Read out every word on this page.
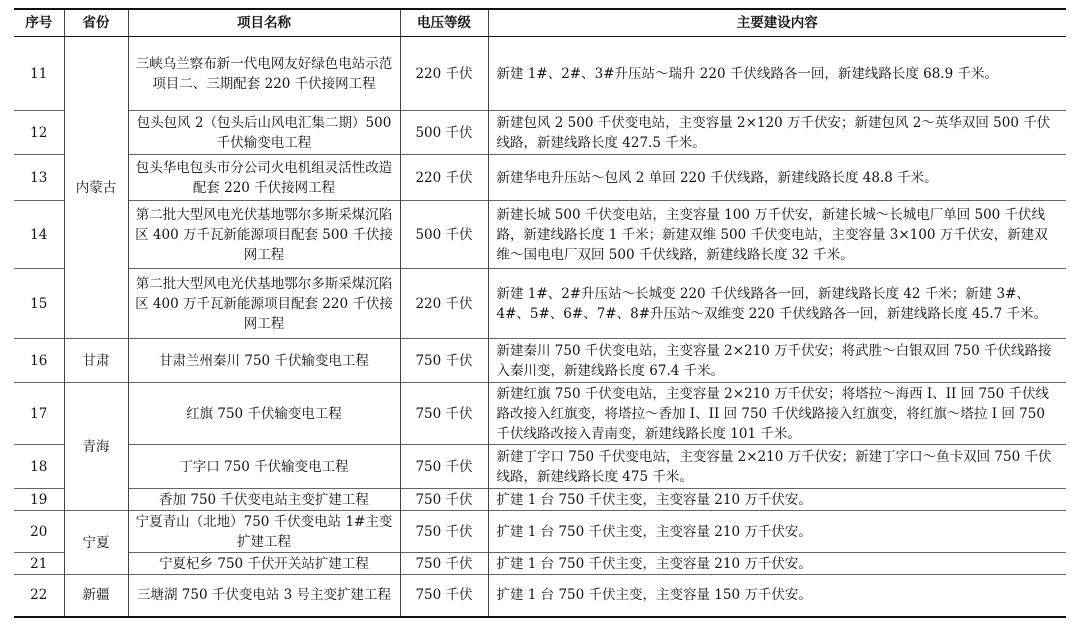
序号	省份	项目名称	电压等级	主要建设内容
11	内蒙古	三峡乌兰察布新一代电网友好绿色电站示范项目二、三期配套 220 千伏接网工程	220 千伏	新建 1#、2#、3#升压站～瑞升 220 千伏线路各一回，新建线路长度 68.9 千米。
12		包头包风 2（包头后山风电汇集二期）500 千伏输变电工程	500 千伏	新建包风 2 500 千伏变电站，主变容量 2×120 万千伏安；新建包风 2～英华双回 500 千伏线路，新建线路长度 427.5 千米。
13		包头华电包头市分公司火电机组灵活性改造配套 220 千伏接网工程	220 千伏	新建华电升压站～包风 2 单回 220 千伏线路，新建线路长度 48.8 千米。
14		第二批大型风电光伏基地鄂尔多斯采煤沉陷区 400 万千瓦新能源项目配套 500 千伏接网工程	500 千伏	新建长城 500 千伏变电站，主变容量 100 万千伏安，新建长城～长城电厂单回 500 千伏线路，新建线路长度 1 千米；新建双维 500 千伏变电站，主变容量 3×100 万千伏安，新建双维～国电电厂双回 500 千伏线路，新建线路长度 32 千米。
15		第二批大型风电光伏基地鄂尔多斯采煤沉陷区 400 万千瓦新能源项目配套 220 千伏接网工程	220 千伏	新建 1#、2#升压站～长城变 220 千伏线路各一回，新建线路长度 42 千米；新建 3#、4#、5#、6#、7#、8#升压站～双维变 220 千伏线路各一回，新建线路长度 45.7 千米。
16	甘肃	甘肃兰州秦川 750 千伏输变电工程	750 千伏	新建秦川 750 千伏变电站，主变容量 2×210 万千伏安；将武胜～白银双回 750 千伏线路接入秦川变，新建线路长度 67.4 千米。
17	青海	红旗 750 千伏输变电工程	750 千伏	新建红旗 750 千伏变电站，主变容量 2×210 万千伏安；将塔拉～海西 I、II 回 750 千伏线路改接入红旗变，将塔拉～香加 I、II 回 750 千伏线路接入红旗变，将红旗～塔拉 I 回 750 千伏线路改接入青南变，新建线路长度 101 千米。
18		丁字口 750 千伏输变电工程	750 千伏	新建丁字口 750 千伏变电站，主变容量 2×210 万千伏安；新建丁字口～鱼卡双回 750 千伏线路，新建线路长度 475 千米。
19		香加 750 千伏变电站主变扩建工程	750 千伏	扩建 1 台 750 千伏主变，主变容量 210 万千伏安。
20	宁夏	宁夏青山（北地）750 千伏变电站 1#主变扩建工程	750 千伏	扩建 1 台 750 千伏主变，主变容量 210 万千伏安。
21		宁夏杞乡 750 千伏开关站扩建工程	750 千伏	扩建 1 台 750 千伏主变，主变容量 210 万千伏安。
22	新疆	三塘湖 750 千伏变电站 3 号主变扩建工程	750 千伏	扩建 1 台 750 千伏主变，主变容量 150 万千伏安。
